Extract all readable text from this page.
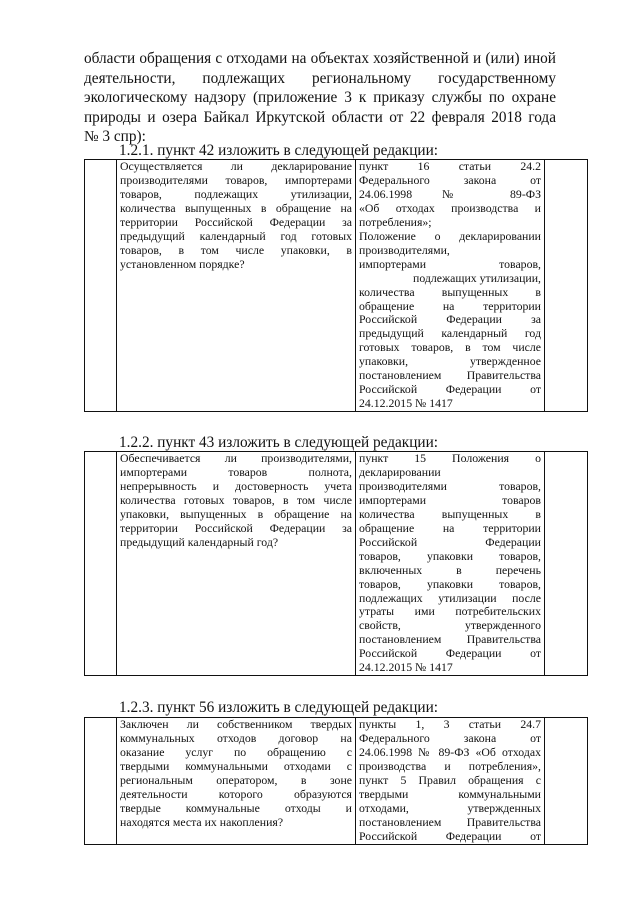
области обращения с отходами на объектах хозяйственной и (или) иной
деятельности, подлежащих региональному государственному
экологическому надзору (приложение 3 к приказу службы по охране
природы и озера Байкал Иркутской области от 22 февраля 2018 года
№ 3 спр):

1.2.1. пункт 42 изложить в следующей редакции:

Осуществляется ли декларирование
производителями товаров, импортерами
товаров, подлежащих утилизации,
количества выпущенных в обращение на
территории Российской Федерации за
предыдущий календарный год готовых
товаров, в том числе упаковки, в
установленном порядке?

пункт 16 статьи 24.2
Федерального закона от
24.06.1998 № 89-ФЗ
«Об отходах производства и
потребления»;
Положение о декларировании
производителями,
импортерами товаров,
подлежащих утилизации,
количества выпущенных в
обращение на территории
Российской Федерации за
предыдущий календарный год
готовых товаров, в том числе
упаковки, утвержденное
постановлением Правительства
Российской Федерации от
24.12.2015 № 1417

1.2.2. пункт 43 изложить в следующей редакции:

Обеспечивается ли производителями,
импортерами товаров полнота,
непрерывность и достоверность учета
количества готовых товаров, в том числе
упаковки, выпущенных в обращение на
территории Российской Федерации за
предыдущий календарный год?

пункт 15 Положения о
декларировании
производителями товаров,
импортерами товаров
количества выпущенных в
обращение на территории
Российской Федерации
товаров, упаковки товаров,
включенных в перечень
товаров, упаковки товаров,
подлежащих утилизации после
утраты ими потребительских
свойств, утвержденного
постановлением Правительства
Российской Федерации от
24.12.2015 № 1417

1.2.3. пункт 56 изложить в следующей редакции:

Заключен ли собственником твердых
коммунальных отходов договор на
оказание услуг по обращению с
твердыми коммунальными отходами с
региональным оператором, в зоне
деятельности которого образуются
твердые коммунальные отходы и
находятся места их накопления?

пункты 1, 3 статьи 24.7
Федерального закона от
24.06.1998 № 89-ФЗ «Об отходах
производства и потребления»,
пункт 5 Правил обращения с
твердыми коммунальными
отходами, утвержденных
постановлением Правительства
Российской Федерации от
